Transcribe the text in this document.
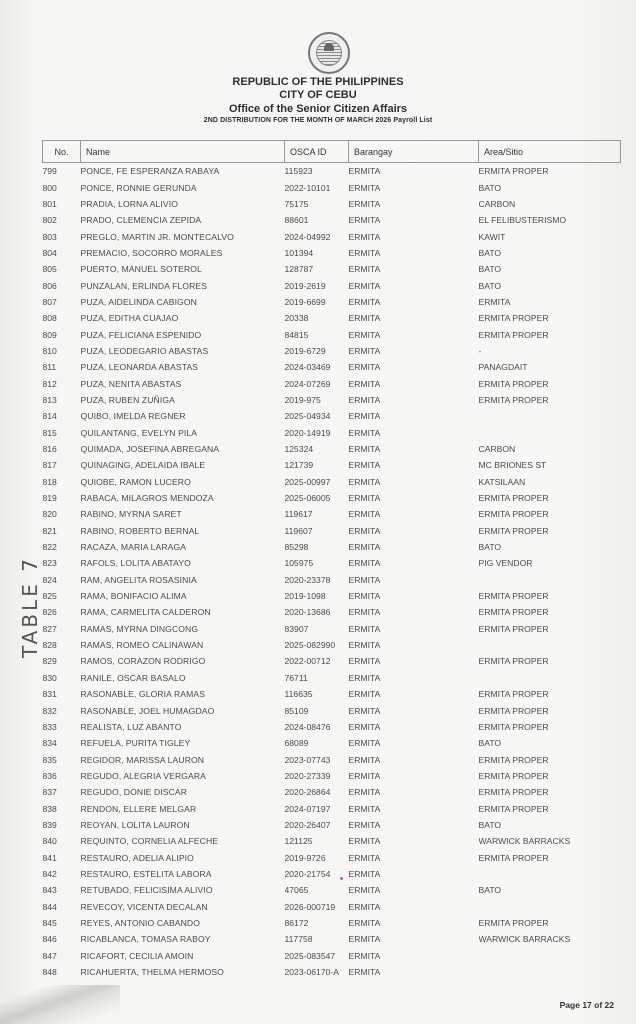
REPUBLIC OF THE PHILIPPINES
CITY OF CEBU
Office of the Senior Citizen Affairs
2ND DISTRIBUTION FOR THE MONTH OF MARCH 2026 Payroll List
No.	Name	OSCA ID	Barangay	Area/Sitio
799	PONCE, FE ESPERANZA RABAYA	115923	ERMITA	ERMITA PROPER
800	PONCE, RONNIE GERUNDA	2022-10101	ERMITA	BATO
801	PRADIA, LORNA ALIVIO	75175	ERMITA	CARBON
802	PRADO, CLEMENCIA ZEPIDA	88601	ERMITA	EL FELIBUSTERISMO
803	PREGLO, MARTIN JR. MONTECALVO	2024-04992	ERMITA	KAWIT
804	PREMACIO, SOCORRO MORALES	101394	ERMITA	BATO
805	PUERTO, MANUEL SOTEROL	128787	ERMITA	BATO
806	PUNZALAN, ERLINDA FLORES	2019-2619	ERMITA	BATO
807	PUZA, AIDELINDA CABIGON	2019-6699	ERMITA	ERMITA
808	PUZA, EDITHA CUAJAO	20338	ERMITA	ERMITA PROPER
809	PUZA, FELICIANA ESPENIDO	84815	ERMITA	ERMITA PROPER
810	PUZA, LEODEGARIO ABASTAS	2019-6729	ERMITA	-
811	PUZA, LEONARDA ABASTAS	2024-03469	ERMITA	PANAGDAIT
812	PUZA, NENITA ABASTAS	2024-07269	ERMITA	ERMITA PROPER
813	PUZA, RUBEN ZUÑIGA	2019-975	ERMITA	ERMITA PROPER
814	QUIBO, IMELDA REGNER	2025-04934	ERMITA	
815	QUILANTANG, EVELYN PILA	2020-14919	ERMITA	
816	QUIMADA, JOSEFINA ABREGANA	125324	ERMITA	CARBON
817	QUINAGING, ADELAIDA IBALE	121739	ERMITA	MC BRIONES ST
818	QUIOBE, RAMON LUCERO	2025-00997	ERMITA	KATSILAAN
819	RABACA, MILAGROS MENDOZA	2025-06005	ERMITA	ERMITA PROPER
820	RABINO, MYRNA SARET	119617	ERMITA	ERMITA PROPER
821	RABINO, ROBERTO BERNAL	119607	ERMITA	ERMITA PROPER
822	RACAZA, MARIA LARAGA	85298	ERMITA	BATO
823	RAFOLS, LOLITA ABATAYO	105975	ERMITA	PIG VENDOR
824	RAM, ANGELITA ROSASINIA	2020-23378	ERMITA	
825	RAMA, BONIFACIO ALIMA	2019-1098	ERMITA	ERMITA PROPER
826	RAMA, CARMELITA CALDERON	2020-13686	ERMITA	ERMITA PROPER
827	RAMAS, MYRNA DINGCONG	83907	ERMITA	ERMITA PROPER
828	RAMAS, ROMEO CALINAWAN	2025-082990	ERMITA	
829	RAMOS, CORAZON RODRIGO	2022-00712	ERMITA	ERMITA PROPER
830	RANILE, OSCAR BASALO	76711	ERMITA	
831	RASONABLE, GLORIA RAMAS	116635	ERMITA	ERMITA PROPER
832	RASONABLE, JOEL HUMAGDAO	85109	ERMITA	ERMITA PROPER
833	REALISTA, LUZ ABANTO	2024-08476	ERMITA	ERMITA PROPER
834	REFUELA, PURITA TIGLEY	68089	ERMITA	BATO
835	REGIDOR, MARISSA LAURON	2023-07743	ERMITA	ERMITA PROPER
836	REGUDO, ALEGRIA VERGARA	2020-27339	ERMITA	ERMITA PROPER
837	REGUDO, DONIE DISCAR	2020-26864	ERMITA	ERMITA PROPER
838	RENDON, ELLERE MELGAR	2024-07197	ERMITA	ERMITA PROPER
839	REOYAN, LOLITA LAURON	2020-26407	ERMITA	BATO
840	REQUINTO, CORNELIA ALFECHE	121125	ERMITA	WARWICK BARRACKS
841	RESTAURO, ADELIA ALIPIO	2019-9726	ERMITA	ERMITA PROPER
842	RESTAURO, ESTELITA LABORA	2020-21754	ERMITA	
843	RETUBADO, FELICISIMA ALIVIO	47065	ERMITA	BATO
844	REVECOY, VICENTA DECALAN	2026-000719	ERMITA	
845	REYES, ANTONIO CABANDO	86172	ERMITA	ERMITA PROPER
846	RICABLANCA, TOMASA RABOY	117758	ERMITA	WARWICK BARRACKS
847	RICAFORT, CECILIA AMOIN	2025-083547	ERMITA	
848	RICAHUERTA, THELMA HERMOSO	2023-06170-A	ERMITA	
TABLE 7
Page 17 of 22
